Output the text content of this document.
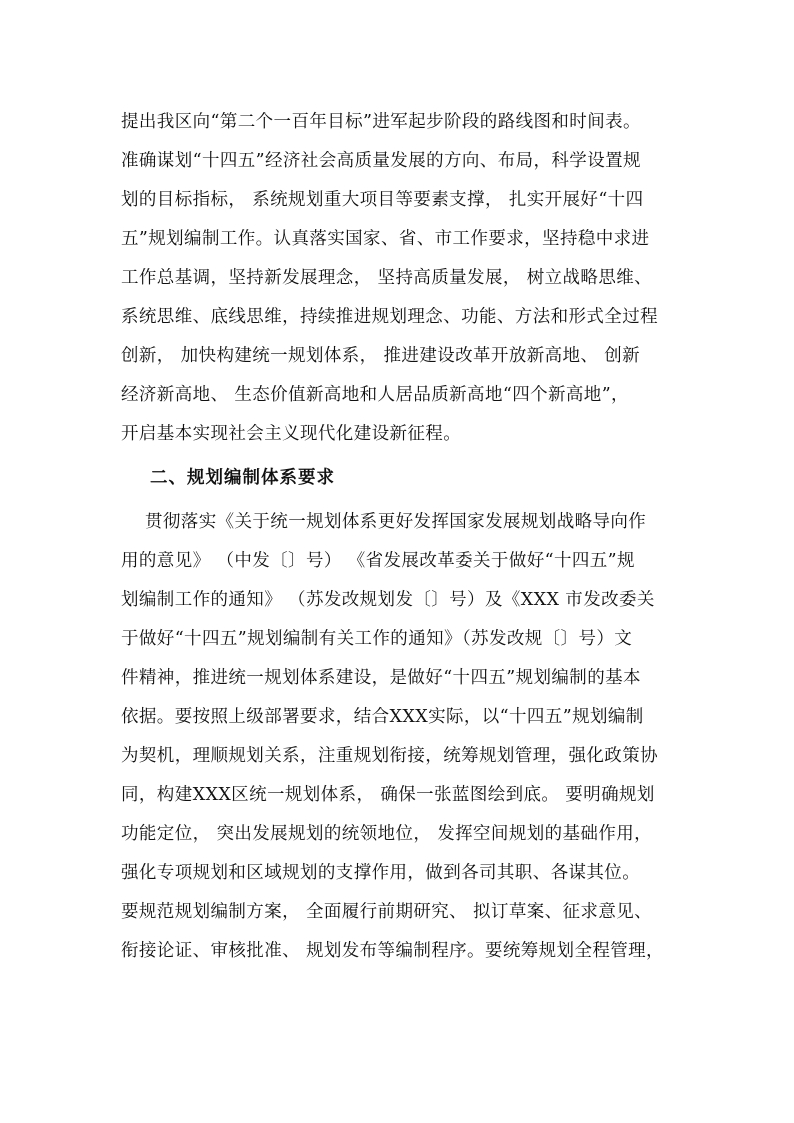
提出我区向“第二个一百年目标”进军起步阶段的路线图和时间表。
准确谋划“十四五”经济社会高质量发展的方向、布局，科学设置规
划的目标指标， 系统规划重大项目等要素支撑， 扎实开展好“十四
五”规划编制工作。认真落实国家、省、市工作要求，坚持稳中求进
工作总基调，坚持新发展理念， 坚持高质量发展， 树立战略思维、
系统思维、底线思维，持续推进规划理念、功能、方法和形式全过程
创新， 加快构建统一规划体系， 推进建设改革开放新高地、 创新
经济新高地、 生态价值新高地和人居品质新高地“四个新高地”，
开启基本实现社会主义现代化建设新征程。
二、规划编制体系要求
贯彻落实《关于统一规划体系更好发挥国家发展规划战略导向作
用的意见》 （中发〔〕号） 《省发展改革委关于做好“十四五”规
划编制工作的通知》 （苏发改规划发〔〕号）及《XXX 市发改委关
于做好“十四五”规划编制有关工作的通知》（苏发改规〔〕号）文
件精神，推进统一规划体系建设，是做好“十四五”规划编制的基本
依据。要按照上级部署要求，结合XXX实际，以“十四五”规划编制
为契机，理顺规划关系，注重规划衔接，统筹规划管理，强化政策协
同，构建XXX区统一规划体系， 确保一张蓝图绘到底。 要明确规划
功能定位， 突出发展规划的统领地位， 发挥空间规划的基础作用，
强化专项规划和区域规划的支撑作用，做到各司其职、各谋其位。
要规范规划编制方案， 全面履行前期研究、 拟订草案、征求意见、
衔接论证、审核批准、 规划发布等编制程序。要统筹规划全程管理，
